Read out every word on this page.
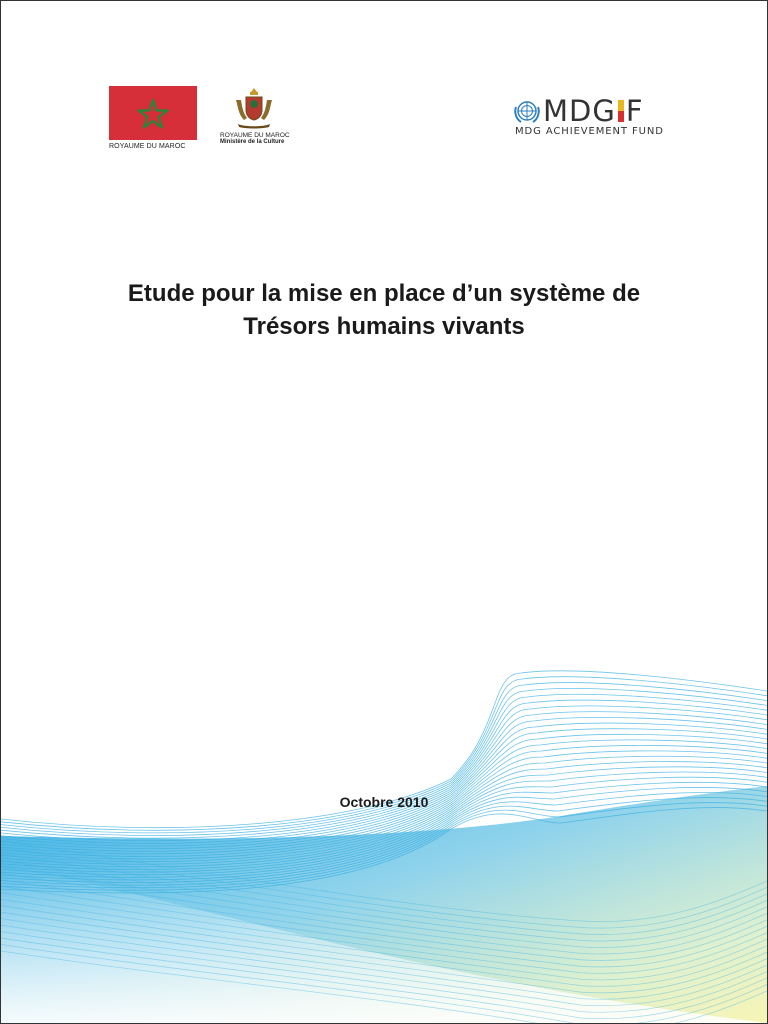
ROYAUME DU MAROC
ROYAUME DU MAROC
Ministère de la Culture
MDG F
MDG ACHIEVEMENT FUND
Etude pour la mise en place d’un système de
Trésors humains vivants
Octobre 2010
